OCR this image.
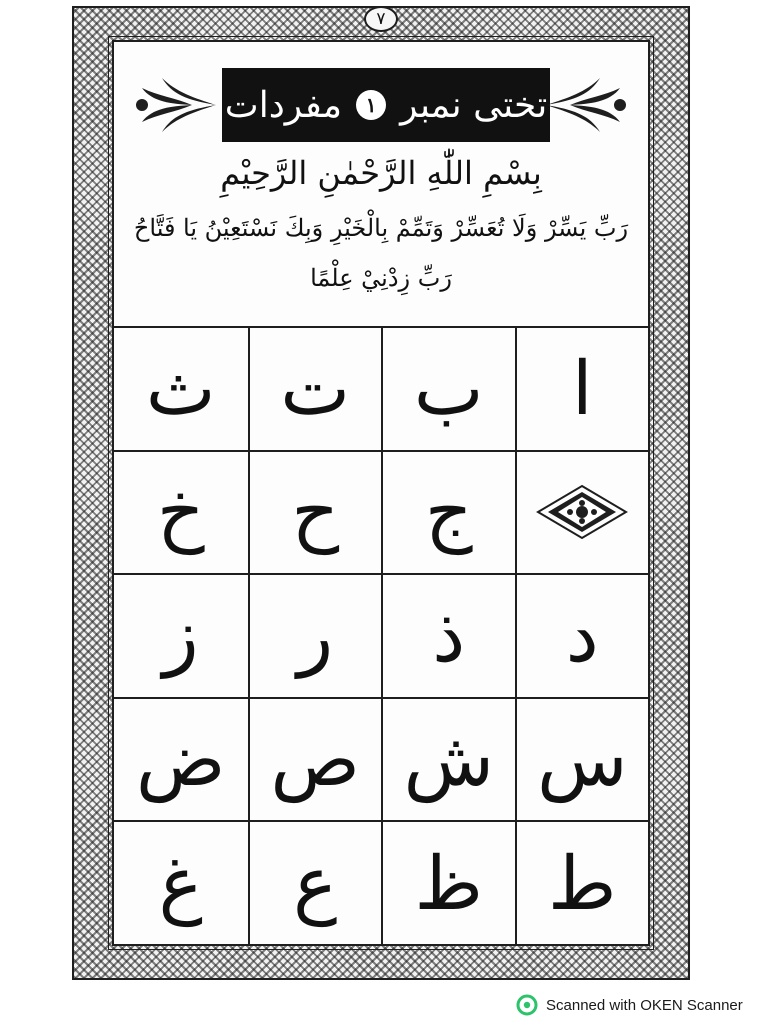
٧
تختی نمبر
١
مفردات
بِسْمِ اللّٰهِ الرَّحْمٰنِ الرَّحِيْمِ
رَبِّ يَسِّرْ وَلَا تُعَسِّرْ وَتَمِّمْ بِالْخَيْرِ وَبِكَ نَسْتَعِيْنُ يَا فَتَّاحُ
رَبِّ زِدْنِيْ عِلْمًا
ا
ب
ت
ث
ج
ح
خ
د
ذ
ر
ز
س
ش
ص
ض
ط
ظ
ع
غ
Scanned with OKEN Scanner
